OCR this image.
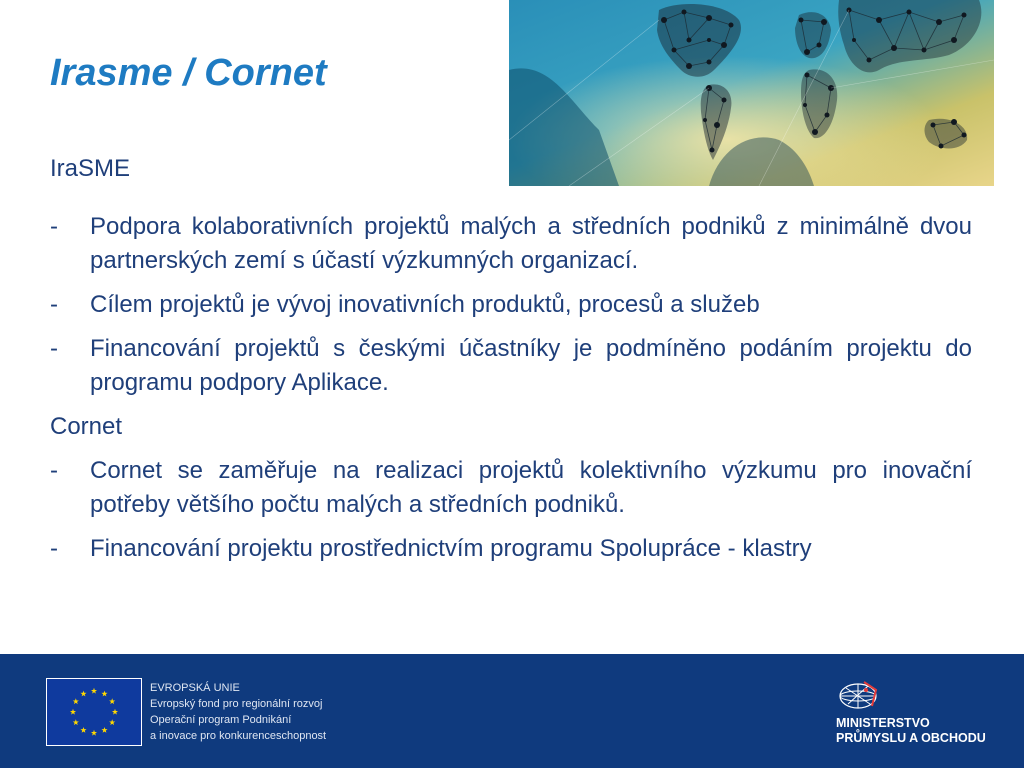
Irasme / Cornet
IraSME
-	Podpora kolaborativních projektů malých a středních podniků z minimálně dvou partnerských zemí s účastí výzkumných organizací.
-	Cílem projektů je vývoj inovativních produktů, procesů a služeb
-	Financování projektů s českými účastníky je podmíněno podáním projektu do programu podpory Aplikace.
Cornet
-	Cornet se zaměřuje na realizaci projektů kolektivního výzkumu pro inovační potřeby většího počtu malých a středních podniků.
-	Financování projektu prostřednictvím programu Spolupráce - klastry
EVROPSKÁ UNIE
Evropský fond pro regionální rozvoj
Operační program Podnikání
a inovace pro konkurenceschopnost
MINISTERSTVO
PRŮMYSLU A OBCHODU
